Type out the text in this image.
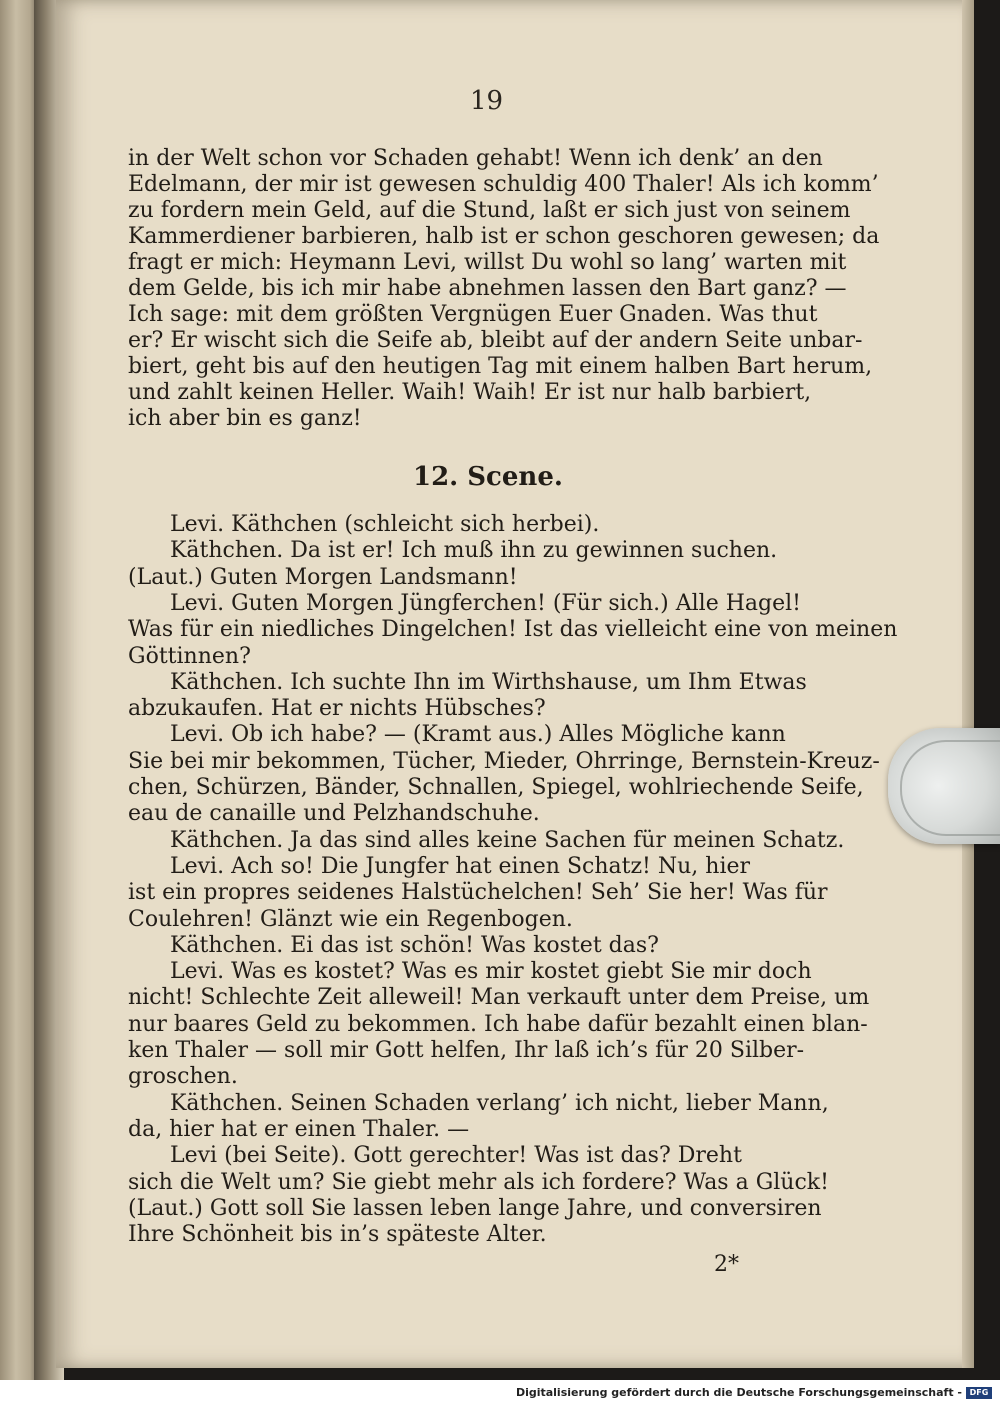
19
in der Welt schon vor Schaden gehabt! Wenn ich denk’ an den
Edelmann, der mir ist gewesen schuldig 400 Thaler! Als ich komm’
zu fordern mein Geld, auf die Stund, laßt er sich just von seinem
Kammerdiener barbieren, halb ist er schon geschoren gewesen; da
fragt er mich: Heymann Levi, willst Du wohl so lang’ warten mit
dem Gelde, bis ich mir habe abnehmen lassen den Bart ganz? —
Ich sage: mit dem größten Vergnügen Euer Gnaden. Was thut
er? Er wischt sich die Seife ab, bleibt auf der andern Seite unbar-
biert, geht bis auf den heutigen Tag mit einem halben Bart herum,
und zahlt keinen Heller. Waih! Waih! Er ist nur halb barbiert,
ich aber bin es ganz!
12. Scene.
Levi. Käthchen (schleicht sich herbei).
Käthchen. Da ist er! Ich muß ihn zu gewinnen suchen.
(Laut.) Guten Morgen Landsmann!
Levi. Guten Morgen Jüngferchen! (Für sich.) Alle Hagel!
Was für ein niedliches Dingelchen! Ist das vielleicht eine von meinen
Göttinnen?
Käthchen. Ich suchte Ihn im Wirthshause, um Ihm Etwas
abzukaufen. Hat er nichts Hübsches?
Levi. Ob ich habe? — (Kramt aus.) Alles Mögliche kann
Sie bei mir bekommen, Tücher, Mieder, Ohrringe, Bernstein-Kreuz-
chen, Schürzen, Bänder, Schnallen, Spiegel, wohlriechende Seife,
eau de canaille und Pelzhandschuhe.
Käthchen. Ja das sind alles keine Sachen für meinen Schatz.
Levi. Ach so! Die Jungfer hat einen Schatz! Nu, hier
ist ein propres seidenes Halstüchelchen! Seh’ Sie her! Was für
Coulehren! Glänzt wie ein Regenbogen.
Käthchen. Ei das ist schön! Was kostet das?
Levi. Was es kostet? Was es mir kostet giebt Sie mir doch
nicht! Schlechte Zeit alleweil! Man verkauft unter dem Preise, um
nur baares Geld zu bekommen. Ich habe dafür bezahlt einen blan-
ken Thaler — soll mir Gott helfen, Ihr laß ich’s für 20 Silber-
groschen.
Käthchen. Seinen Schaden verlang’ ich nicht, lieber Mann,
da, hier hat er einen Thaler. —
Levi (bei Seite). Gott gerechter! Was ist das? Dreht
sich die Welt um? Sie giebt mehr als ich fordere? Was a Glück!
(Laut.) Gott soll Sie lassen leben lange Jahre, und conversiren
Ihre Schönheit bis in’s späteste Alter.
2*
Digitalisierung gefördert durch die Deutsche Forschungsgemeinschaft - DFG
